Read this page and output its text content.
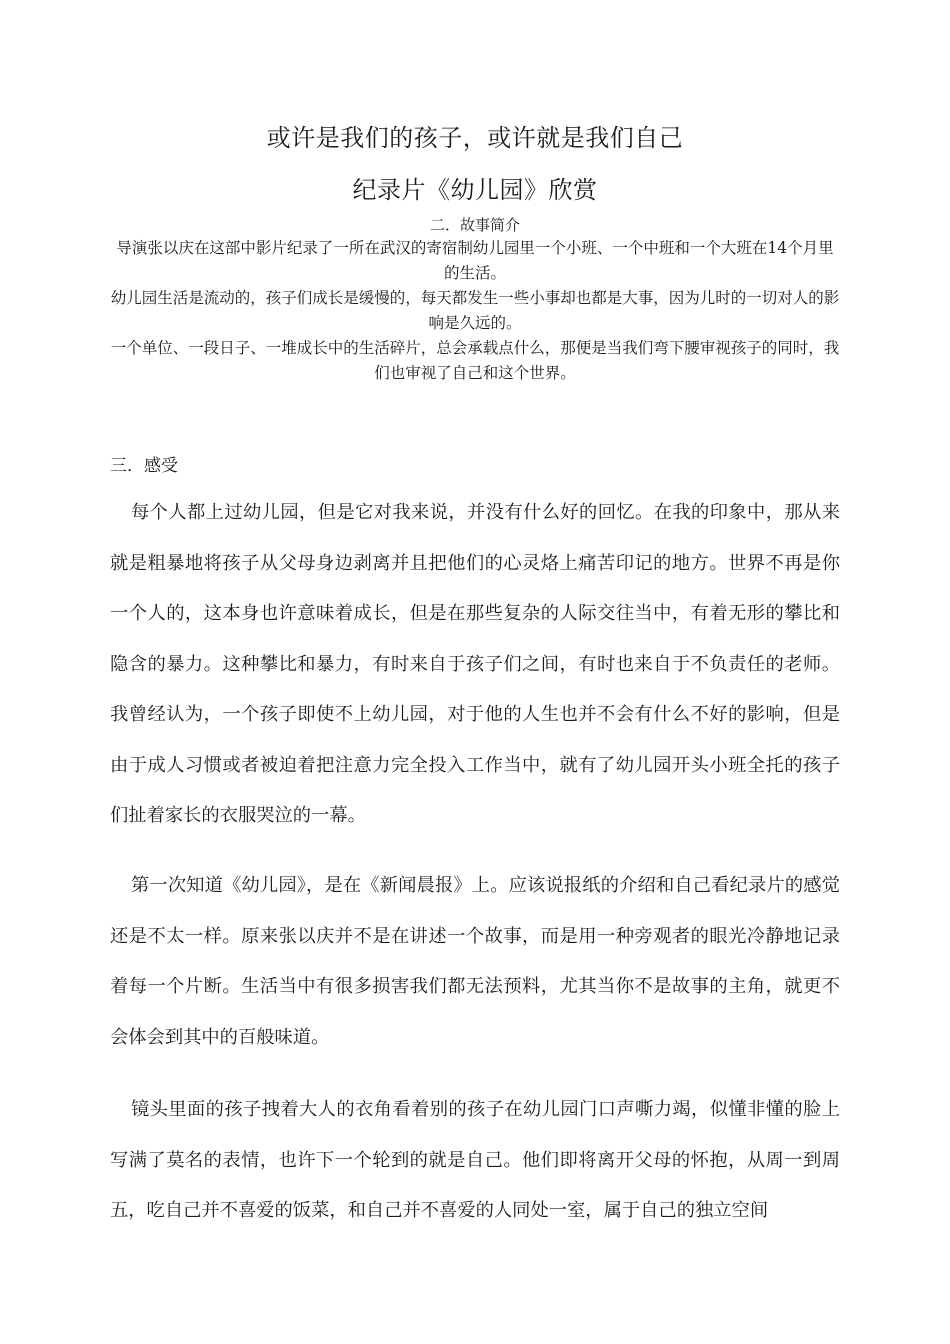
或许是我们的孩子，或许就是我们自己
纪录片《幼儿园》欣赏
二．故事简介

导演张以庆在这部中影片纪录了一所在武汉的寄宿制幼儿园里一个小班、一个中班和一个大班在14个月里的生活。

幼儿园生活是流动的，孩子们成长是缓慢的，每天都发生一些小事却也都是大事，因为儿时的一切对人的影响是久远的。

一个单位、一段日子、一堆成长中的生活碎片，总会承载点什么，那便是当我们弯下腰审视孩子的同时，我们也审视了自己和这个世界。

三．感受

每个人都上过幼儿园，但是它对我来说，并没有什么好的回忆。在我的印象中，那从来就是粗暴地将孩子从父母身边剥离并且把他们的心灵烙上痛苦印记的地方。世界不再是你一个人的，这本身也许意味着成长，但是在那些复杂的人际交往当中，有着无形的攀比和隐含的暴力。这种攀比和暴力，有时来自于孩子们之间，有时也来自于不负责任的老师。我曾经认为，一个孩子即使不上幼儿园，对于他的人生也并不会有什么不好的影响，但是由于成人习惯或者被迫着把注意力完全投入工作当中，就有了幼儿园开头小班全托的孩子们扯着家长的衣服哭泣的一幕。

第一次知道《幼儿园》，是在《新闻晨报》上。应该说报纸的介绍和自己看纪录片的感觉还是不太一样。原来张以庆并不是在讲述一个故事，而是用一种旁观者的眼光冷静地记录着每一个片断。生活当中有很多损害我们都无法预料，尤其当你不是故事的主角，就更不会体会到其中的百般味道。

镜头里面的孩子拽着大人的衣角看着别的孩子在幼儿园门口声嘶力竭，似懂非懂的脸上写满了莫名的表情，也许下一个轮到的就是自己。他们即将离开父母的怀抱，从周一到周五，吃自己并不喜爱的饭菜，和自己并不喜爱的人同处一室，属于自己的独立空间
